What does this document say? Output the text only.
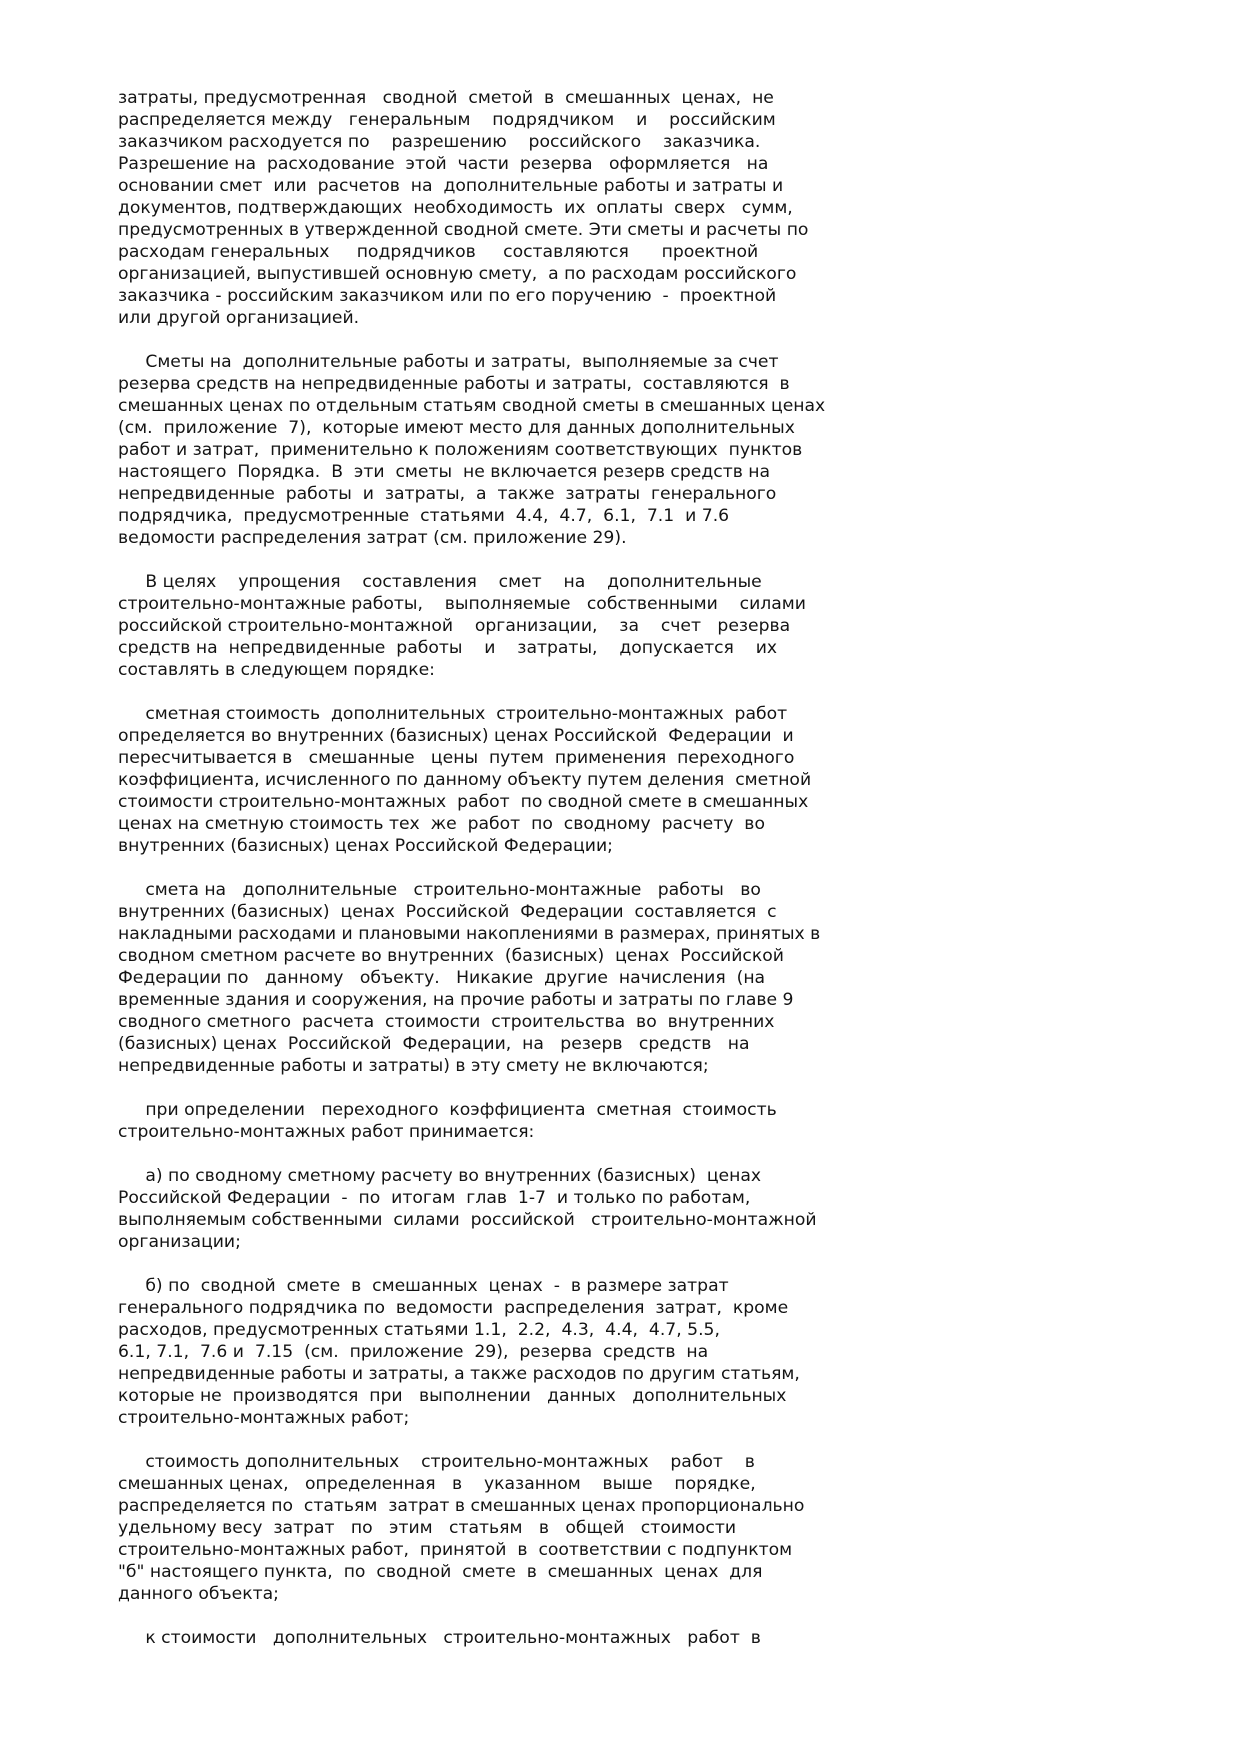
затраты, предусмотренная   сводной  сметой  в  смешанных  ценах,  не
распределяется между   генеральным    подрядчиком    и    российским
заказчиком расходуется по    разрешению    российского    заказчика.
Разрешение на  расходование  этой  части  резерва   оформляется   на
основании смет  или  расчетов  на  дополнительные работы и затраты и
документов, подтверждающих  необходимость  их  оплаты  сверх   сумм,
предусмотренных в утвержденной сводной смете. Эти сметы и расчеты по
расходам генеральных     подрядчиков     составляются      проектной
организацией, выпустившей основную смету,  а по расходам российского
заказчика - российским заказчиком или по его поручению  -  проектной
или другой организацией.
Сметы на  дополнительные работы и затраты,  выполняемые за счет
резерва средств на непредвиденные работы и затраты,  составляются  в
смешанных ценах по отдельным статьям сводной сметы в смешанных ценах
(см.  приложение  7),  которые имеют место для данных дополнительных
работ и затрат,  применительно к положениям соответствующих  пунктов
настоящего  Порядка.  В  эти  сметы  не включается резерв средств на
непредвиденные  работы  и  затраты,  а  также  затраты  генерального
подрядчика,  предусмотренные  статьями  4.4,  4.7,  6.1,  7.1  и 7.6
ведомости распределения затрат (см. приложение 29).
В целях    упрощения    составления    смет    на    дополнительные
строительно-монтажные работы,    выполняемые   собственными    силами
российской строительно-монтажной    организации,    за    счет   резерва
средств на  непредвиденные  работы    и    затраты,    допускается    их
составлять в следующем порядке:
сметная стоимость  дополнительных  строительно-монтажных  работ
определяется во внутренних (базисных) ценах Российской  Федерации  и
пересчитывается в   смешанные   цены  путем  применения  переходного
коэффициента, исчисленного по данному объекту путем деления  сметной
стоимости строительно-монтажных  работ  по сводной смете в смешанных
ценах на сметную стоимость тех  же  работ  по  сводному  расчету  во
внутренних (базисных) ценах Российской Федерации;
смета на   дополнительные   строительно-монтажные   работы   во
внутренних (базисных)  ценах  Российской  Федерации  составляется  с
накладными расходами и плановыми накоплениями в размерах, принятых в
сводном сметном расчете во внутренних  (базисных)  ценах  Российской
Федерации по   данному   объекту.   Никакие  другие  начисления  (на
временные здания и сооружения, на прочие работы и затраты по главе 9
сводного сметного  расчета  стоимости  строительства  во  внутренних
(базисных) ценах  Российской  Федерации,  на   резерв   средств   на
непредвиденные работы и затраты) в эту смету не включаются;
при определении   переходного  коэффициента  сметная  стоимость
строительно-монтажных работ принимается:
а) по сводному сметному расчету во внутренних (базисных)  ценах
Российской Федерации  -  по  итогам  глав  1-7  и только по работам,
выполняемым собственными  силами  российской   строительно-монтажной
организации;
б) по  сводной  смете  в  смешанных  ценах  -  в размере затрат
генерального подрядчика по  ведомости  распределения  затрат,  кроме
расходов, предусмотренных статьями 1.1,  2.2,  4.3,  4.4,  4.7, 5.5,
6.1, 7.1,  7.6 и  7.15  (см.  приложение  29),  резерва  средств  на
непредвиденные работы и затраты, а также расходов по другим статьям,
которые не  производятся  при   выполнении   данных   дополнительных
строительно-монтажных работ;
стоимость дополнительных    строительно-монтажных    работ    в
смешанных ценах,   определенная   в    указанном    выше    порядке,
распределяется по  статьям  затрат в смешанных ценах пропорционально
удельному весу  затрат   по   этим   статьям   в   общей   стоимости
строительно-монтажных работ,  принятой  в  соответствии с подпунктом
"б" настоящего пункта,  по  сводной  смете  в  смешанных  ценах  для
данного объекта;
к стоимости   дополнительных   строительно-монтажных   работ  в
